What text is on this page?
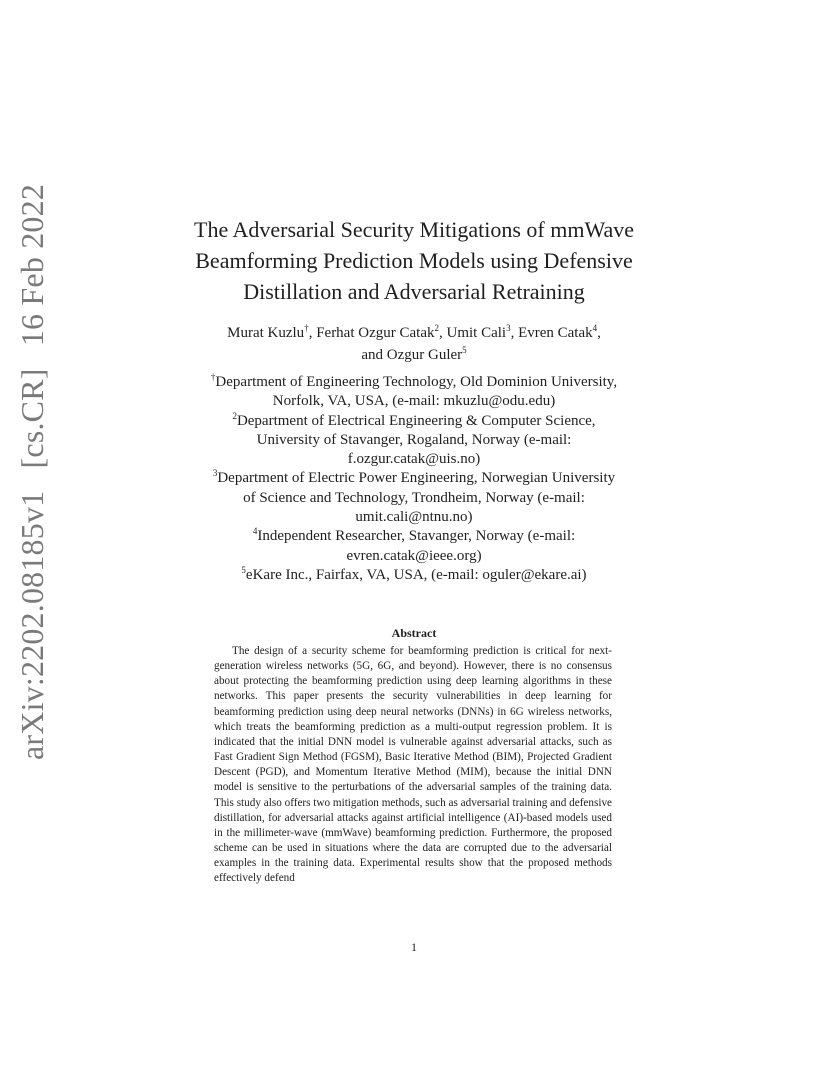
arXiv:2202.08185v1 [cs.CR] 16 Feb 2022	The Adversarial Security Mitigations of mmWave
Beamforming Prediction Models using Defensive
Distillation and Adversarial Retraining
Murat Kuzlu†, Ferhat Ozgur Catak$^2$, Umit Cali$^3$, Evren Catak$^4$,
and Ozgur Guler$^5$
†Department of Engineering Technology, Old Dominion University,
Norfolk, VA, USA, (e-mail: mkuzlu@odu.edu)
$^2$Department of Electrical Engineering & Computer Science,
University of Stavanger, Rogaland, Norway (e-mail:
f.ozgur.catak@uis.no)
$^3$Department of Electric Power Engineering, Norwegian University
of Science and Technology, Trondheim, Norway (e-mail:
umit.cali@ntnu.no)
$^4$Independent Researcher, Stavanger, Norway (e-mail:
evren.catak@ieee.org)
$^5$eKare Inc., Fairfax, VA, USA, (e-mail: oguler@ekare.ai)
Abstract

The design of a security scheme for beamforming prediction is critical for next-generation wireless networks (5G, 6G, and beyond). However, there is no consensus about protecting the beamforming prediction using deep learning algorithms in these networks. This paper presents the security vulnerabilities in deep learning for beamforming prediction using deep neural networks (DNNs) in 6G wireless networks, which treats the beamforming prediction as a multi-output regression problem. It is indicated that the initial DNN model is vulnerable against adversarial attacks, such as Fast Gradient Sign Method (FGSM), Basic Iterative Method (BIM), Projected Gradient Descent (PGD), and Momentum Iterative Method (MIM), because the initial DNN model is sensitive to the perturbations of the adversarial samples of the training data. This study also offers two mitigation methods, such as adversarial training and defensive distillation, for adversarial attacks against artificial intelligence (AI)-based models used in the millimeter-wave (mmWave) beamforming prediction. Furthermore, the proposed scheme can be used in situations where the data are corrupted due to the adversarial examples in the training data. Experimental results show that the proposed methods effectively defend

1
